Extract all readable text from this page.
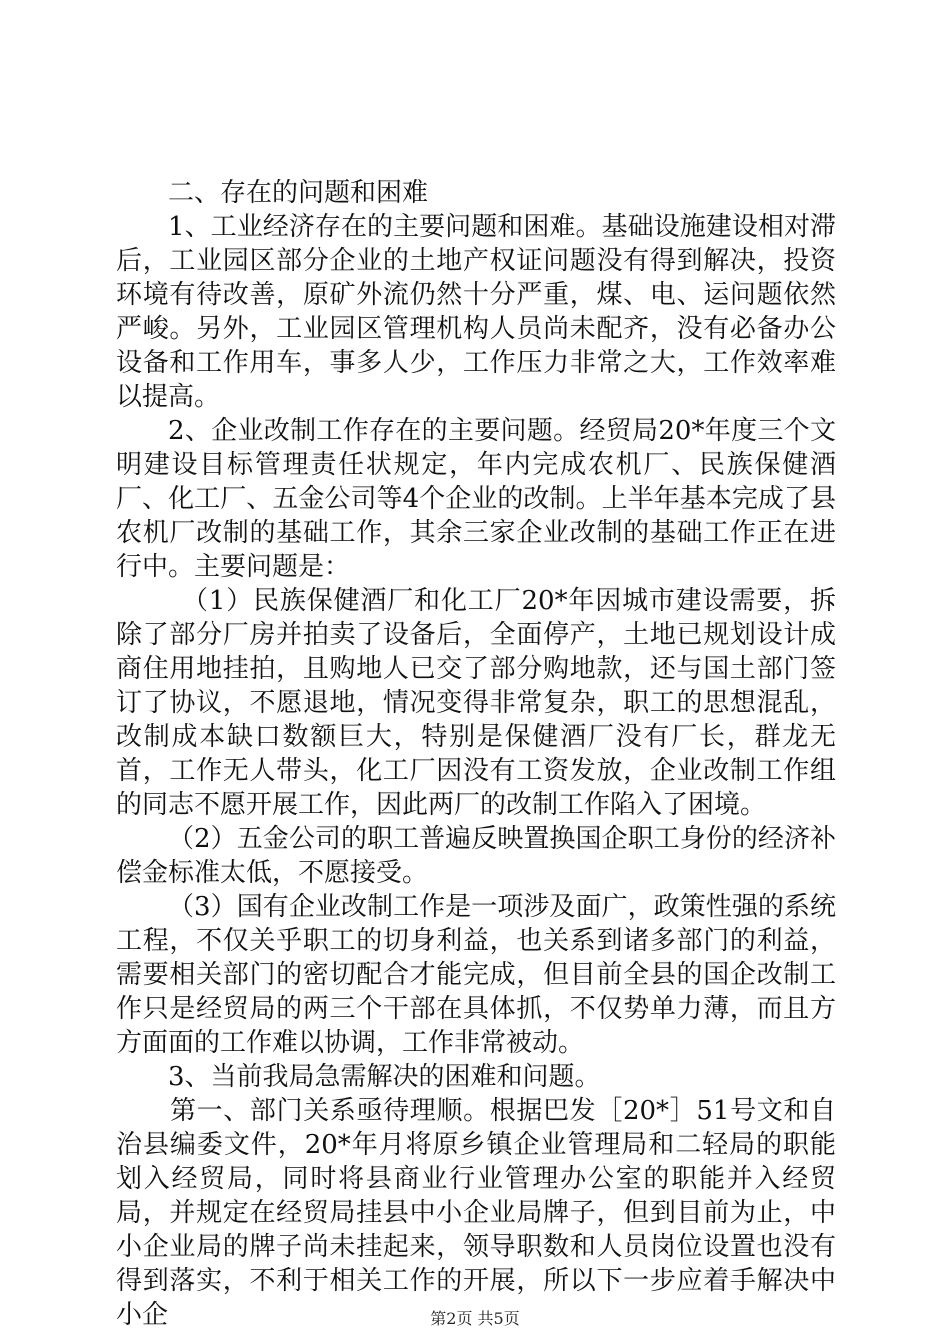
二、存在的问题和困难

1、工业经济存在的主要问题和困难。基础设施建设相对滞后，工业园区部分企业的土地产权证问题没有得到解决，投资环境有待改善，原矿外流仍然十分严重，煤、电、运问题依然严峻。另外，工业园区管理机构人员尚未配齐，没有必备办公设备和工作用车，事多人少，工作压力非常之大，工作效率难以提高。

2、企业改制工作存在的主要问题。经贸局20*年度三个文明建设目标管理责任状规定，年内完成农机厂、民族保健酒厂、化工厂、五金公司等4个企业的改制。上半年基本完成了县农机厂改制的基础工作，其余三家企业改制的基础工作正在进行中。主要问题是：

（1）民族保健酒厂和化工厂20*年因城市建设需要，拆除了部分厂房并拍卖了设备后，全面停产，土地已规划设计成商住用地挂拍，且购地人已交了部分购地款，还与国土部门签订了协议，不愿退地，情况变得非常复杂，职工的思想混乱，改制成本缺口数额巨大，特别是保健酒厂没有厂长，群龙无首，工作无人带头，化工厂因没有工资发放，企业改制工作组的同志不愿开展工作，因此两厂的改制工作陷入了困境。

（2）五金公司的职工普遍反映置换国企职工身份的经济补偿金标准太低，不愿接受。

（3）国有企业改制工作是一项涉及面广，政策性强的系统工程，不仅关乎职工的切身利益，也关系到诸多部门的利益，需要相关部门的密切配合才能完成，但目前全县的国企改制工作只是经贸局的两三个干部在具体抓，不仅势单力薄，而且方方面面的工作难以协调，工作非常被动。

3、当前我局急需解决的困难和问题。

第一、部门关系亟待理顺。根据巴发［20*］51号文和自治县编委文件，20*年月将原乡镇企业管理局和二轻局的职能划入经贸局，同时将县商业行业管理办公室的职能并入经贸局，并规定在经贸局挂县中小企业局牌子，但到目前为止，中小企业局的牌子尚未挂起来，领导职数和人员岗位设置也没有得到落实，不利于相关工作的开展，所以下一步应着手解决中小企	第2页 共5页
